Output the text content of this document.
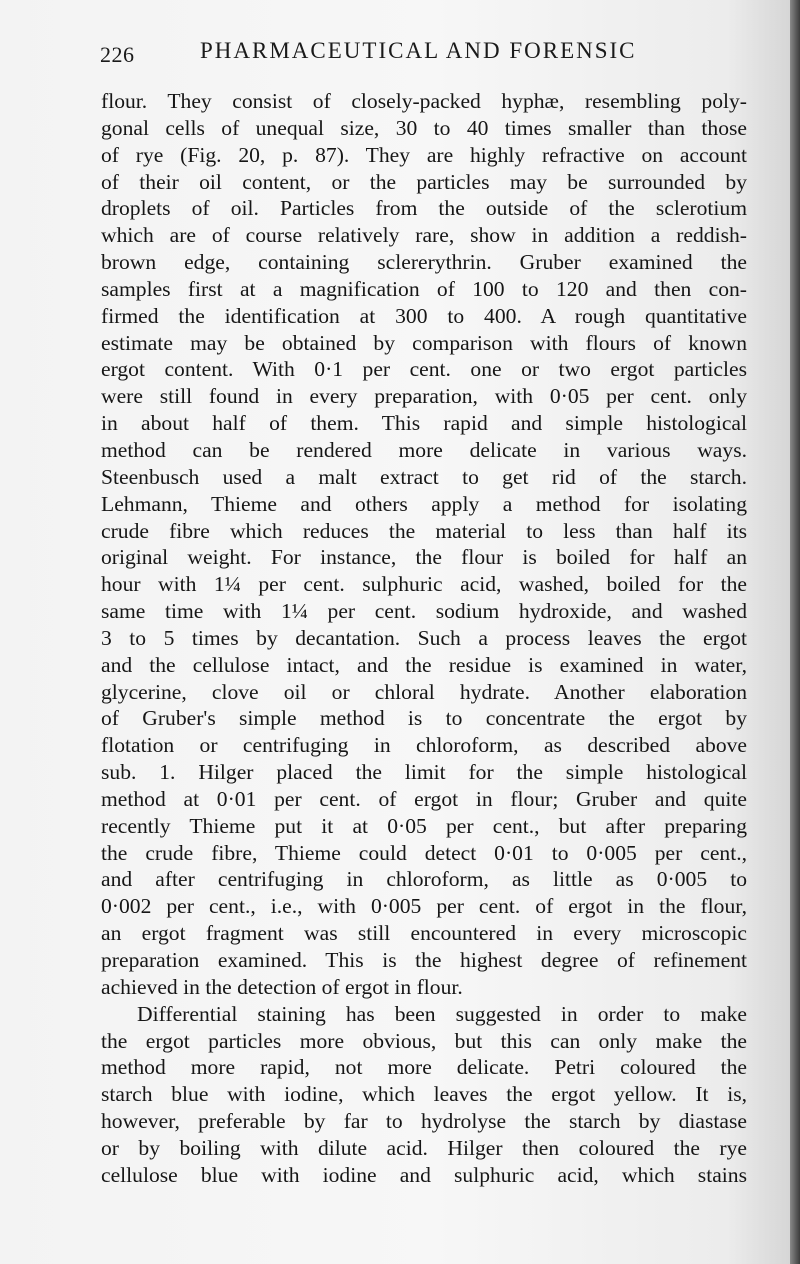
226	PHARMACEUTICAL AND FORENSIC
flour. They consist of closely-packed hyphæ, resembling poly-
gonal cells of unequal size, 30 to 40 times smaller than those
of rye (Fig. 20, p. 87). They are highly refractive on account
of their oil content, or the particles may be surrounded by
droplets of oil. Particles from the outside of the sclerotium
which are of course relatively rare, show in addition a reddish-
brown edge, containing sclererythrin. Gruber examined the
samples first at a magnification of 100 to 120 and then con-
firmed the identification at 300 to 400. A rough quantitative
estimate may be obtained by comparison with flours of known
ergot content. With 0·1 per cent. one or two ergot particles
were still found in every preparation, with 0·05 per cent. only
in about half of them. This rapid and simple histological
method can be rendered more delicate in various ways.
Steenbusch used a malt extract to get rid of the starch.
Lehmann, Thieme and others apply a method for isolating
crude fibre which reduces the material to less than half its
original weight. For instance, the flour is boiled for half an
hour with 1¼ per cent. sulphuric acid, washed, boiled for the
same time with 1¼ per cent. sodium hydroxide, and washed
3 to 5 times by decantation. Such a process leaves the ergot
and the cellulose intact, and the residue is examined in water,
glycerine, clove oil or chloral hydrate. Another elaboration
of Gruber's simple method is to concentrate the ergot by
flotation or centrifuging in chloroform, as described above
sub. 1. Hilger placed the limit for the simple histological
method at 0·01 per cent. of ergot in flour; Gruber and quite
recently Thieme put it at 0·05 per cent., but after preparing
the crude fibre, Thieme could detect 0·01 to 0·005 per cent.,
and after centrifuging in chloroform, as little as 0·005 to
0·002 per cent., i.e., with 0·005 per cent. of ergot in the flour,
an ergot fragment was still encountered in every microscopic
preparation examined. This is the highest degree of refinement
achieved in the detection of ergot in flour.
Differential staining has been suggested in order to make
the ergot particles more obvious, but this can only make the
method more rapid, not more delicate. Petri coloured the
starch blue with iodine, which leaves the ergot yellow. It is,
however, preferable by far to hydrolyse the starch by diastase
or by boiling with dilute acid. Hilger then coloured the rye
cellulose blue with iodine and sulphuric acid, which stains
